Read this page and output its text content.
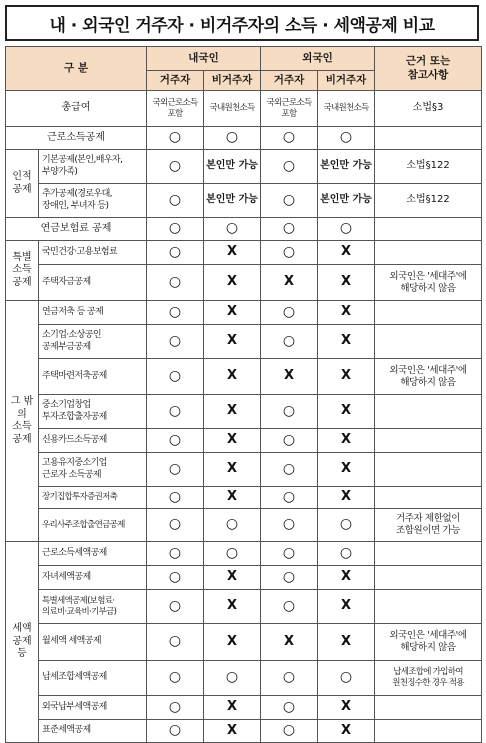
내 · 외국인 거주자 · 비거주자의 소득 · 세액공제 비교
구 분		내국인		외국인		근거 또는
참고사항
		거주자	비거주자	거주자	비거주자	
총급여		국외근로소득 포함	국내원천소득	국외근로소득 포함	국내원천소득	소법§3
근로소득공제		○	○	○	○	
인적
공제	기본공제(본인,배우자,
부양가족)	○	본인만 가능	○	본인만 가능	소법§122
	추가공제(경로우대,
장애인, 부녀자 등)	○	본인만 가능	○	본인만 가능	소법§122
연금보험료 공제		○	○	○	○	
특별
소득
공제	국민건강·고용보험료	○	X	○	X	
	주택자금공제	○	X	X	X	외국인은 '세대주'에
해당하지 않음
그 밖의
소득
공제	연금저축 등 공제	○	X	○	X	
	소기업·소상공인
공제부금공제	○	X	○	X	
	주택마련저축공제	○	X	X	X	외국인은 '세대주'에
해당하지 않음
	중소기업창업
투자조합출자공제	○	X	○	X	
	신용카드소득공제	○	X	○	X	
	고용유지중소기업
근로자 소득공제	○	X	○	X	
	장기집합투자증권저축	○	X	○	X	
	우리사주조합출연금공제	○	○	○	○	거주자 제한없이
조합원이면 가능
세액
공제 등	근로소득세액공제	○	○	○	○	
	자녀세액공제	○	X	○	X	
	특별세액공제(보험료·
의료비·교육비·기부금)	○	X	○	X	
	월세액 세액공제	○	X	X	X	외국인은 '세대주'에
해당하지 않음
	납세조합세액공제	○	○	○	○	납세조합에 가입하여
원천징수한 경우 적용
	외국납부세액공제	○	X	○	X	
	표준세액공제	○	X	○	X	
